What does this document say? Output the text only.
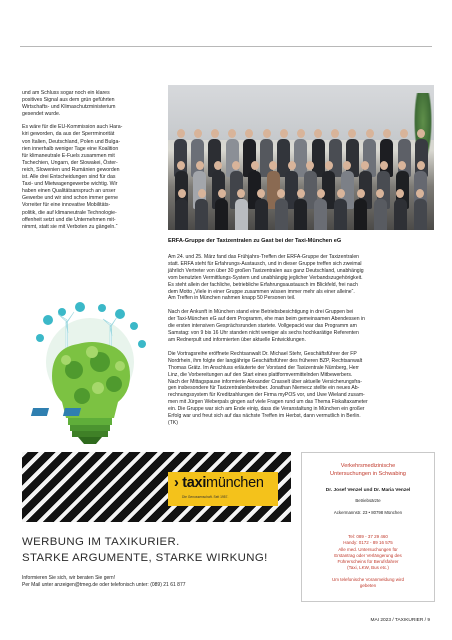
und am Schluss sogar noch ein klares
positives Signal aus dem grün geführten
Wirtschafts- und Klimaschutzministerium
gesendet wurde.

Es wäre für die EU-Kommission auch Hara-
kiri geworden, da aus der Sperrminorität
von Italien, Deutschland, Polen und Bulga-
rien innerhalb weniger Tage eine Koalition
für klimaneutrale E-Fuels zusammen mit
Tschechien, Ungarn, der Slowakei, Öster-
reich, Slowenien und Rumänien geworden
ist. Alle drei Entscheidungen sind für das
Taxi- und Mietwagengewerbe wichtig. Wir
haben einen Qualitätsanspruch an unser
Gewerbe und wir sind schon immer gerne
Vorreiter für eine innovative Mobilitäts-
politik, die auf klimaneutrale Technologie-
offenheit setzt und die Unternehmen mit-
nimmt, statt sie mit Verboten zu gängeln.“

ERFA-Gruppe der Taxizentralen zu Gast bei der Taxi-München eG

Am 24. und 25. März fand das Frühjahrs-Treffen der ERFA-Gruppe der Taxizentralen
statt. ERFA steht für Erfahrungs-Austausch, und in dieser Gruppe treffen sich zweimal
jährlich Vertreter von über 30 großen Taxizentralen aus ganz Deutschland, unabhängig
vom benutzten Vermittlungs-System und unabhängig jeglicher Verbandszugehörigkeit.
Es steht allein der fachliche, betriebliche Erfahrungsaustausch im Blickfeld, frei nach
dem Motto „Viele in einer Gruppe zusammen wissen immer mehr als einer alleine“.
Am Treffen in München nahmen knapp 50 Personen teil.

Nach der Ankunft in München stand eine Betriebsbesichtigung in drei Gruppen bei
der Taxi-München eG auf dem Programm, ehe man beim gemeinsamen Abendessen in
die ersten intensiven Gesprächsrunden startete. Vollgepackt war das Programm am
Samstag: von 9 bis 16 Uhr standen nicht weniger als sechs hochkarätige Referenten
am Rednerpult und informierten über aktuelle Entwicklungen.

Die Vortragsreihe eröffnete Rechtsanwalt Dr. Michael Stehr, Geschäftsführer der FP
Nordrhein, ihm folgte der langjährige Geschäftsführer des früheren BZP, Rechtsanwalt
Thomas Grätz. Im Anschluss erläuterte der Vorstand der Taxizentrale Nürnberg, Herr
Linz, die Vorbereitungen auf den Start eines plattformvermittelnden Mitbewerbers.
Nach der Mittagspause informierte Alexander Crasselt über aktuelle Versicherungsfra-
gen insbesondere für Taxizentralenbetreiber. Jonathan Niemecz stellte ein neues Ab-
rechnungssystem für Kreditzahlungen der Firma myPOS vor, und Uwe Wieland zusam-
men mit Jürgen Weberpals gingen auf viele Fragen rund um das Thema Fiskaltaxameter
ein. Die Gruppe war sich am Ende einig, dass die Veranstaltung in München ein großer
Erfolg war und freut sich auf das nächste Treffen im Herbst, dann vermutlich in Berlin.
(TK)

› taximünchen
Die Genossenschaft. Seit 1957.
WERBUNG IM TAXIKURIER.
STARKE ARGUMENTE, STARKE WIRKUNG!
Informieren Sie sich, wir beraten Sie gern!
Per Mail unter anzeigen@tmeg.de oder telefonisch unter: (089) 21 61 877
Verkehrsmedizinische
Untersuchungen in Schwabing
Dr. Josef Venzel und Dr. Maria Venzel
Betriebsärzte
Ackermannstr. 23 • 80798 München
Tel: 089 - 37 29 460
Handy: 0172 - 89 16 575
Alle med. Untersuchungen für
Erstantrag oder Verlängerung des
Führerscheins für Berufsfahrer
(Taxi, LKW, Bus etc.)
Um telefonische Voranmeldung wird
gebeten
MAI 2023 / TAXIKURIER / 9
